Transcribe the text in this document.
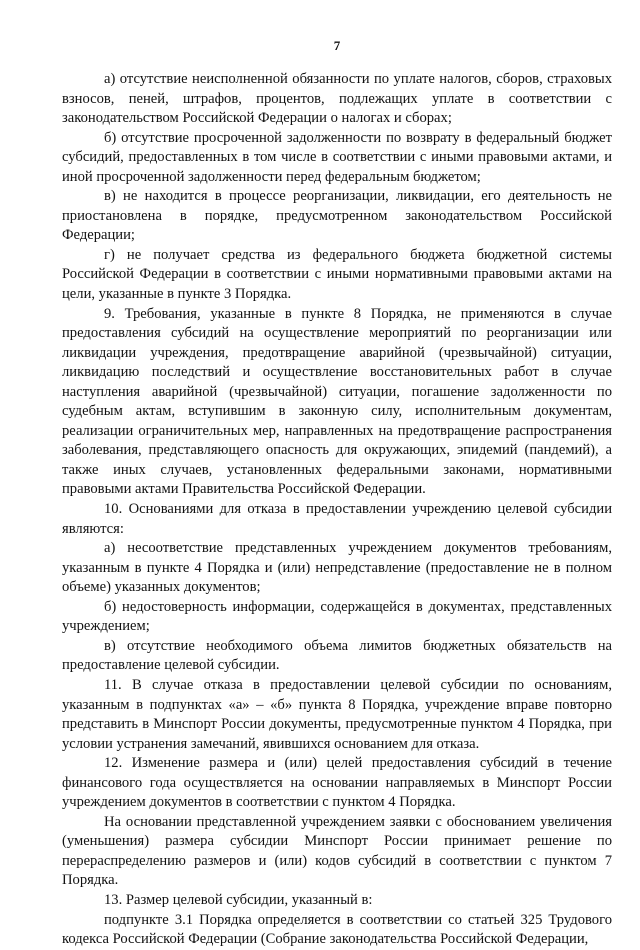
7

а) отсутствие неисполненной обязанности по уплате налогов, сборов, страховых взносов, пеней, штрафов, процентов, подлежащих уплате в соответствии с законодательством Российской Федерации о налогах и сборах;

б) отсутствие просроченной задолженности по возврату в федеральный бюджет субсидий, предоставленных в том числе в соответствии с иными правовыми актами, и иной просроченной задолженности перед федеральным бюджетом;

в) не находится в процессе реорганизации, ликвидации, его деятельность не приостановлена в порядке, предусмотренном законодательством Российской Федерации;

г) не получает средства из федерального бюджета бюджетной системы Российской Федерации в соответствии с иными нормативными правовыми актами на цели, указанные в пункте 3 Порядка.

9. Требования, указанные в пункте 8 Порядка, не применяются в случае предоставления субсидий на осуществление мероприятий по реорганизации или ликвидации учреждения, предотвращение аварийной (чрезвычайной) ситуации, ликвидацию последствий и осуществление восстановительных работ в случае наступления аварийной (чрезвычайной) ситуации, погашение задолженности по судебным актам, вступившим в законную силу, исполнительным документам, реализации ограничительных мер, направленных на предотвращение распространения заболевания, представляющего опасность для окружающих, эпидемий (пандемий), а также иных случаев, установленных федеральными законами, нормативными правовыми актами Правительства Российской Федерации.

10. Основаниями для отказа в предоставлении учреждению целевой субсидии являются:

а) несоответствие представленных учреждением документов требованиям, указанным в пункте 4 Порядка и (или) непредставление (предоставление не в полном объеме) указанных документов;

б) недостоверность информации, содержащейся в документах, представленных учреждением;

в) отсутствие необходимого объема лимитов бюджетных обязательств на предоставление целевой субсидии.

11. В случае отказа в предоставлении целевой субсидии по основаниям, указанным в подпунктах «а» – «б» пункта 8 Порядка, учреждение вправе повторно представить в Минспорт России документы, предусмотренные пунктом 4 Порядка, при условии устранения замечаний, явившихся основанием для отказа.

12. Изменение размера и (или) целей предоставления субсидий в течение финансового года осуществляется на основании направляемых в Минспорт России учреждением документов в соответствии с пунктом 4 Порядка.

На основании представленной учреждением заявки с обоснованием увеличения (уменьшения) размера субсидии Минспорт России принимает решение по перераспределению размеров и (или) кодов субсидий в соответствии с пунктом 7 Порядка.

13. Размер целевой субсидии, указанный в:

подпункте 3.1 Порядка определяется в соответствии со статьей 325 Трудового кодекса Российской Федерации (Собрание законодательства Российской Федерации,
